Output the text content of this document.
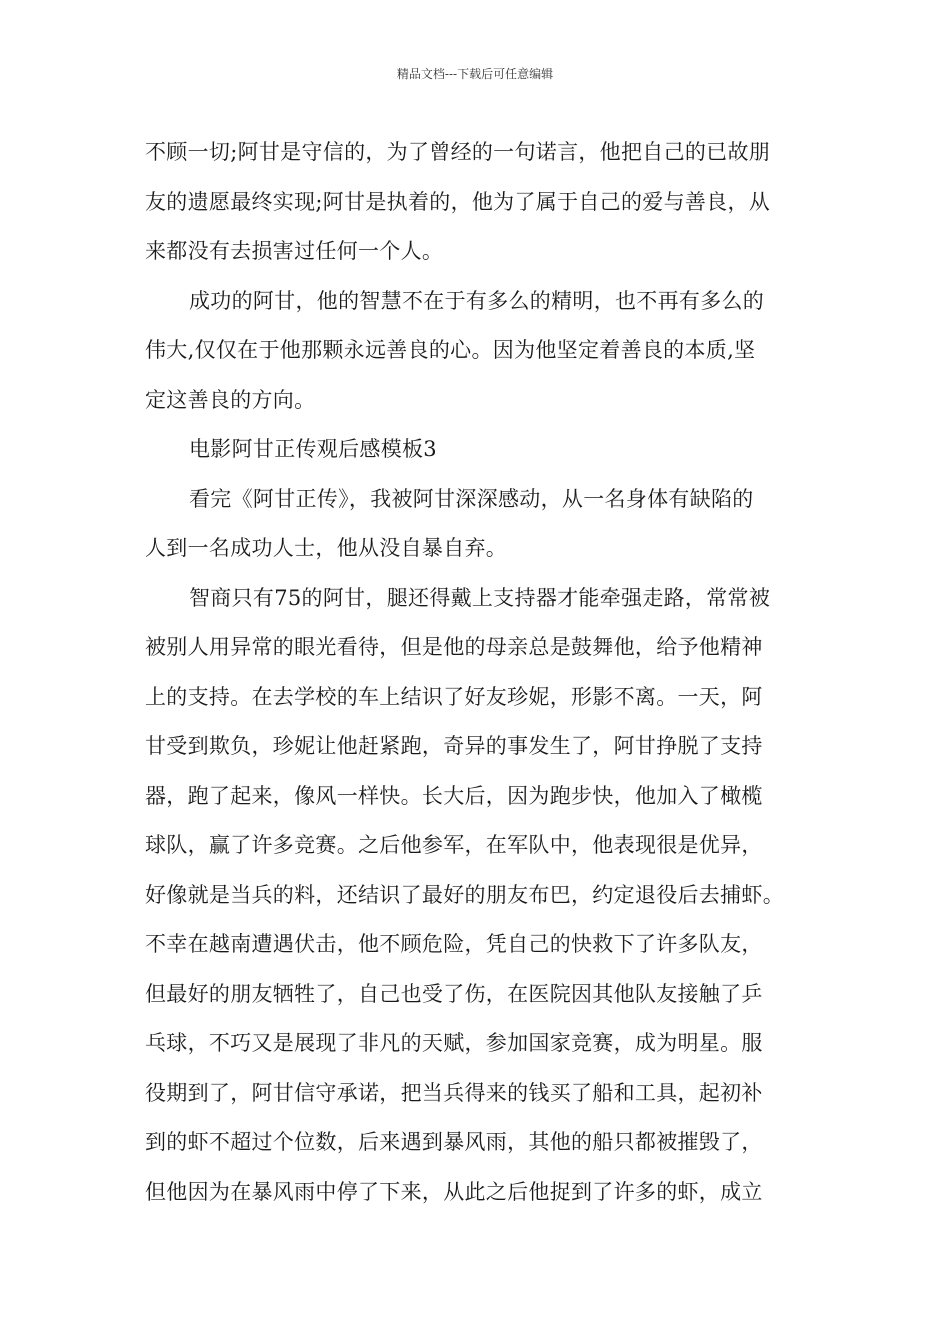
精品文档---下载后可任意编辑
不顾一切;阿甘是守信的，为了曾经的一句诺言，他把自己的已故朋
友的遗愿最终实现;阿甘是执着的，他为了属于自己的爱与善良，从
来都没有去损害过任何一个人。
成功的阿甘，他的智慧不在于有多么的精明，也不再有多么的
伟大,仅仅在于他那颗永远善良的心。因为他坚定着善良的本质,坚
定这善良的方向。
电影阿甘正传观后感模板3
看完《阿甘正传》，我被阿甘深深感动，从一名身体有缺陷的
人到一名成功人士，他从没自暴自弃。
智商只有75的阿甘，腿还得戴上支持器才能牵强走路，常常被
被别人用异常的眼光看待，但是他的母亲总是鼓舞他，给予他精神
上的支持。在去学校的车上结识了好友珍妮，形影不离。一天，阿
甘受到欺负，珍妮让他赶紧跑，奇异的事发生了，阿甘挣脱了支持
器，跑了起来，像风一样快。长大后，因为跑步快，他加入了橄榄
球队，赢了许多竞赛。之后他参军，在军队中，他表现很是优异，
好像就是当兵的料，还结识了最好的朋友布巴，约定退役后去捕虾。
不幸在越南遭遇伏击，他不顾危险，凭自己的快救下了许多队友，
但最好的朋友牺牲了，自己也受了伤，在医院因其他队友接触了乒
乓球，不巧又是展现了非凡的天赋，参加国家竞赛，成为明星。服
役期到了，阿甘信守承诺，把当兵得来的钱买了船和工具，起初补
到的虾不超过个位数，后来遇到暴风雨，其他的船只都被摧毁了，
但他因为在暴风雨中停了下来，从此之后他捉到了许多的虾，成立
